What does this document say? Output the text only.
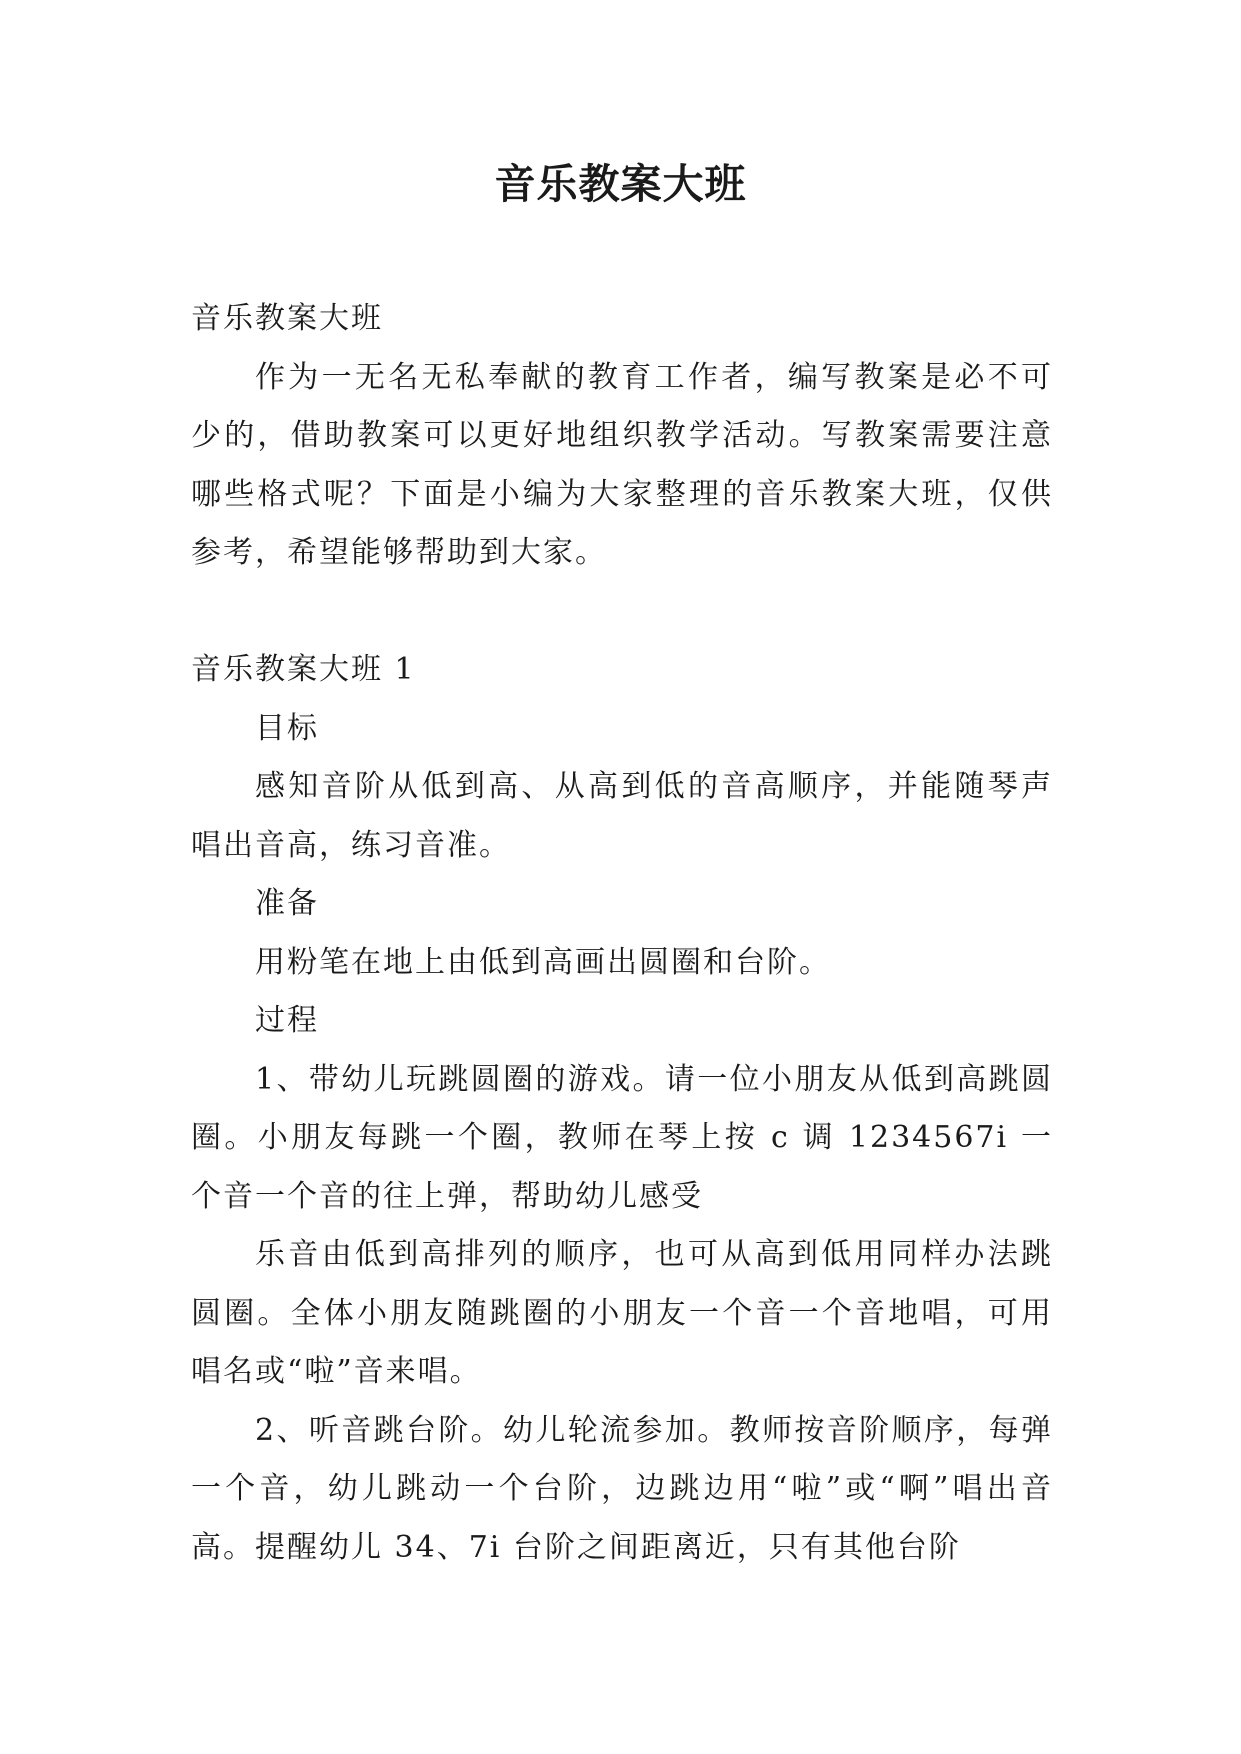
音乐教案大班

音乐教案大班

作为一无名无私奉献的教育工作者，编写教案是必不可少的，借助教案可以更好地组织教学活动。写教案需要注意哪些格式呢？下面是小编为大家整理的音乐教案大班，仅供参考，希望能够帮助到大家。

音乐教案大班 1

目标

感知音阶从低到高、从高到低的音高顺序，并能随琴声唱出音高，练习音准。

准备

用粉笔在地上由低到高画出圆圈和台阶。

过程

1、带幼儿玩跳圆圈的游戏。请一位小朋友从低到高跳圆圈。小朋友每跳一个圈，教师在琴上按 c 调 1234567i 一个音一个音的往上弹，帮助幼儿感受

乐音由低到高排列的顺序，也可从高到低用同样办法跳圆圈。全体小朋友随跳圈的小朋友一个音一个音地唱，可用唱名或“啦”音来唱。

2、听音跳台阶。幼儿轮流参加。教师按音阶顺序，每弹一个音，幼儿跳动一个台阶，边跳边用“啦”或“啊”唱出音高。提醒幼儿 34、7i 台阶之间距离近，只有其他台阶
